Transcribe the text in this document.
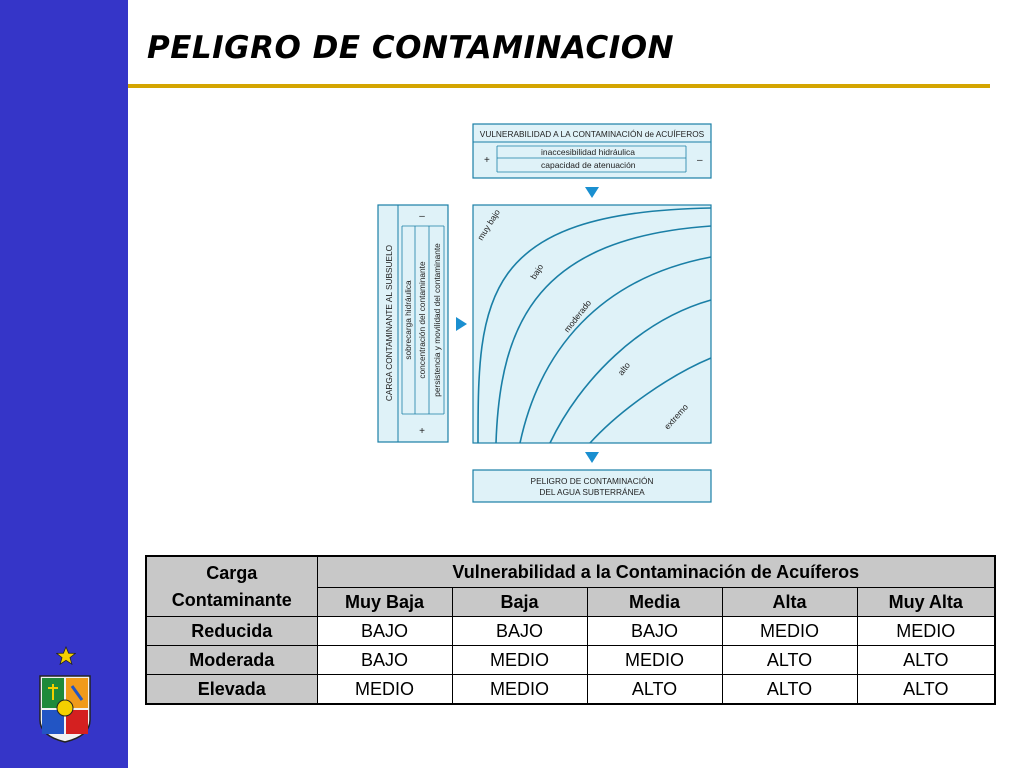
PELIGRO DE CONTAMINACION
VULNERABILIDAD A LA CONTAMINACIÓN de ACUÍFEROS
inaccesibilidad hidráulica
capacidad de atenuación
+	–
CARGA CONTAMINANTE AL SUBSUELO sobrecarga hidráulica concentración del contaminante persistencia y movilidad del contaminante
–
+
muy bajo
bajo
moderado
alto
extremo
PELIGRO DE CONTAMINACIÓN
DEL AGUA SUBTERRÁNEA
Carga
Contaminante	Vulnerabilidad a la Contaminación de Acuíferos				
	Muy Baja	Baja	Media	Alta	Muy Alta
Reducida	BAJO	BAJO	BAJO	MEDIO	MEDIO
Moderada	BAJO	MEDIO	MEDIO	ALTO	ALTO
Elevada	MEDIO	MEDIO	ALTO	ALTO	ALTO
